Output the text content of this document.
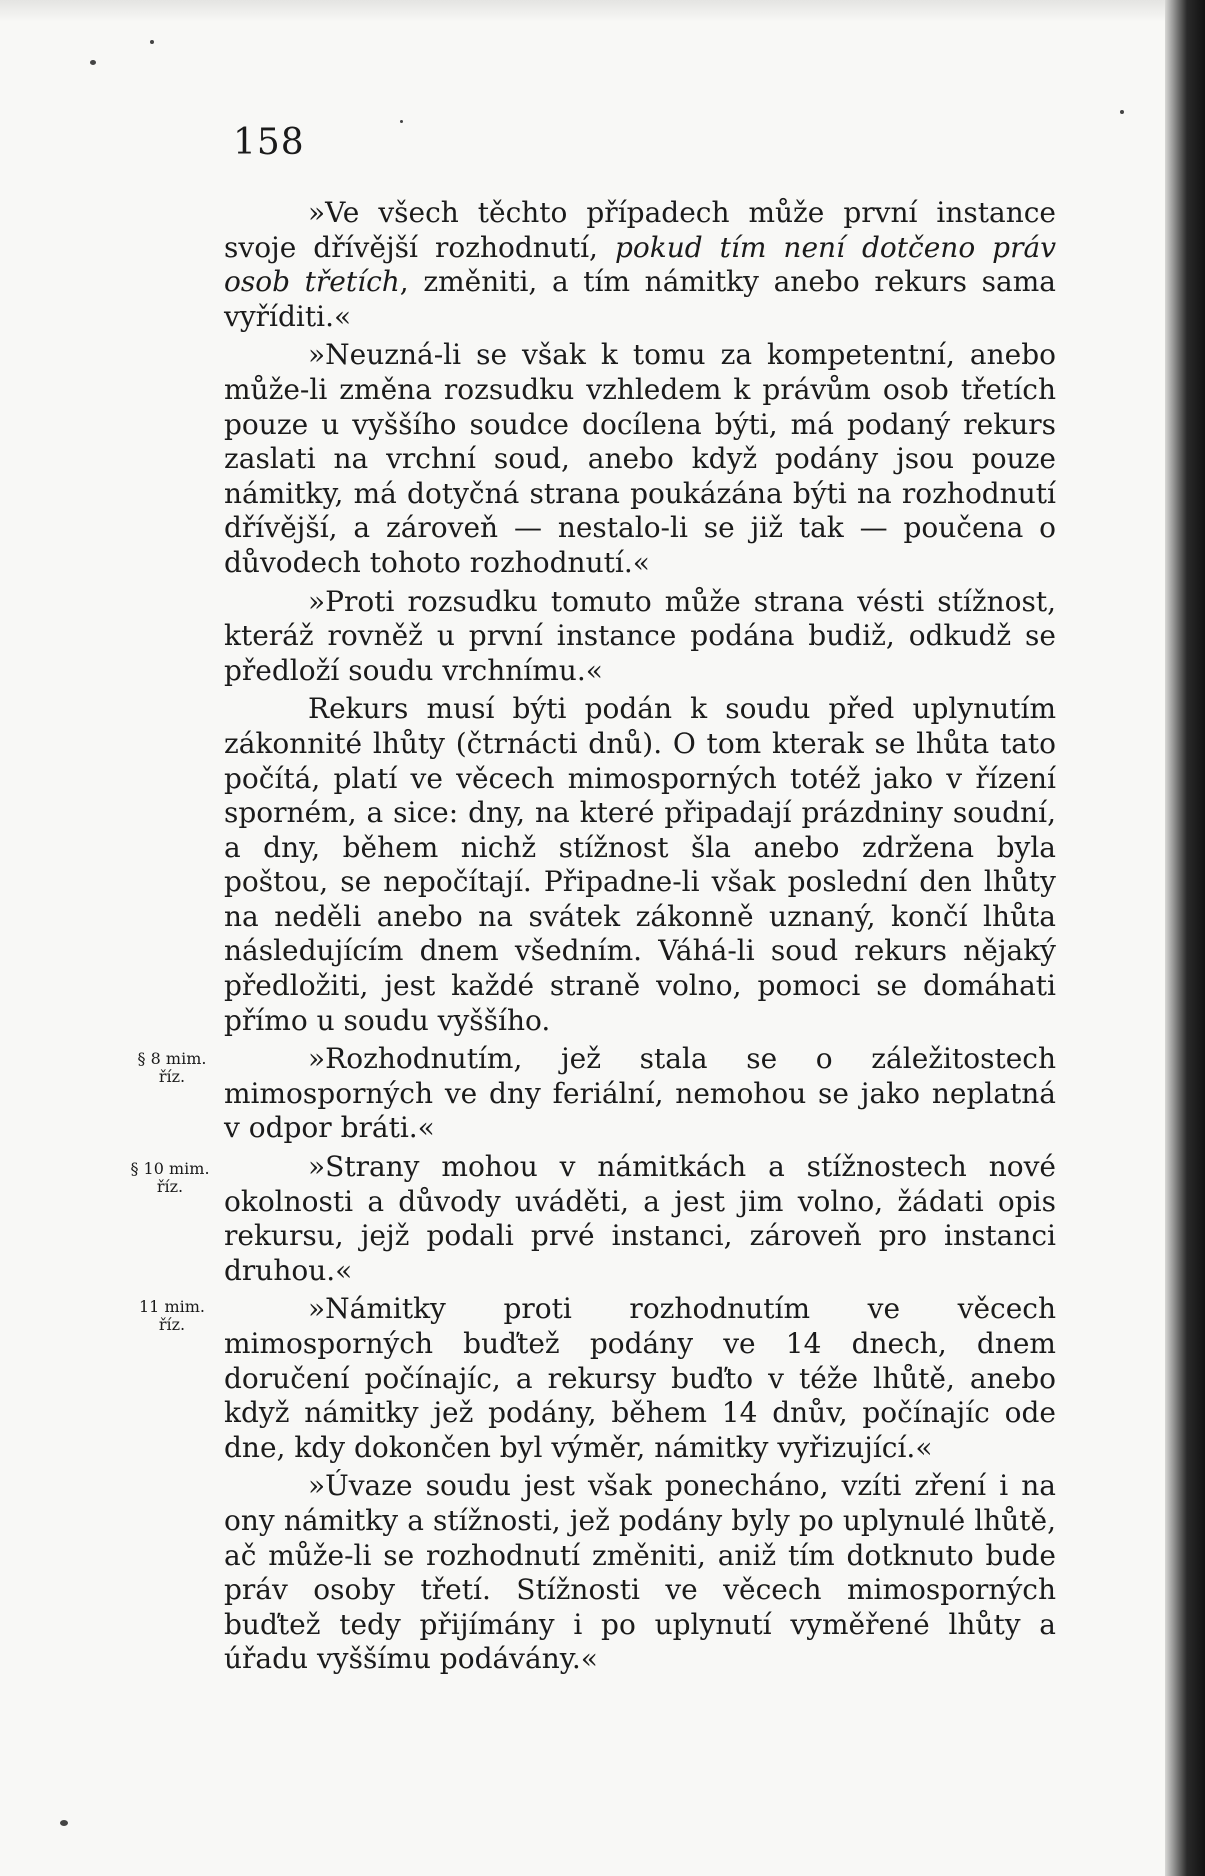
158

»Ve všech těchto případech může první instance svoje dřívější rozhodnutí, pokud tím není dotčeno práv osob třetích, změniti, a tím námitky anebo rekurs sama vyříditi.«

»Neuzná-li se však k tomu za kompetentní, anebo může-li změna rozsudku vzhledem k právům osob třetích pouze u vyššího soudce docílena býti, má podaný rekurs zaslati na vrchní soud, anebo když podány jsou pouze námitky, má dotyčná strana poukázána býti na rozhodnutí dřívější, a zároveň — nestalo-li se již tak — poučena o důvodech tohoto rozhodnutí.«

»Proti rozsudku tomuto může strana vésti stížnost, kteráž rovněž u první instance podána budiž, odkudž se předloží soudu vrchnímu.«

Rekurs musí býti podán k soudu před uplynutím zákonnité lhůty (čtrnácti dnů). O tom kterak se lhůta tato počítá, platí ve věcech mimosporných totéž jako v řízení sporném, a sice: dny, na které připadají prázdniny soudní, a dny, během nichž stížnost šla anebo zdržena byla poštou, se nepočítají. Připadne-li však poslední den lhůty na neděli anebo na svátek zákonně uznaný, končí lhůta následujícím dnem všedním. Váhá-li soud rekurs nějaký předložiti, jest každé straně volno, pomoci se domáhati přímo u soudu vyššího.

»Rozhodnutím, jež stala se o záležitostech mimosporných ve dny feriální, nemohou se jako neplatná v odpor bráti.«

»Strany mohou v námitkách a stížnostech nové okolnosti a důvody uváděti, a jest jim volno, žádati opis rekursu, jejž podali prvé instanci, zároveň pro instanci druhou.«

»Námitky proti rozhodnutím ve věcech mimosporných buďtež podány ve 14 dnech, dnem doručení počínajíc, a rekursy buďto v téže lhůtě, anebo když námitky jež podány, během 14 dnův, počínajíc ode dne, kdy dokončen byl výměr, námitky vyřizující.«

»Úvaze soudu jest však ponecháno, vzíti zření i na ony námitky a stížnosti, jež podány byly po uplynulé lhůtě, ač může-li se rozhodnutí změniti, aniž tím dotknuto bude práv osoby třetí. Stížnosti ve věcech mimosporných buďtež tedy přijímány i po uplynutí vyměřené lhůty a úřadu vyššímu podávány.«

§ 8 mim.
říz.
§ 10 mim.
říz.
11 mim.
říz.
